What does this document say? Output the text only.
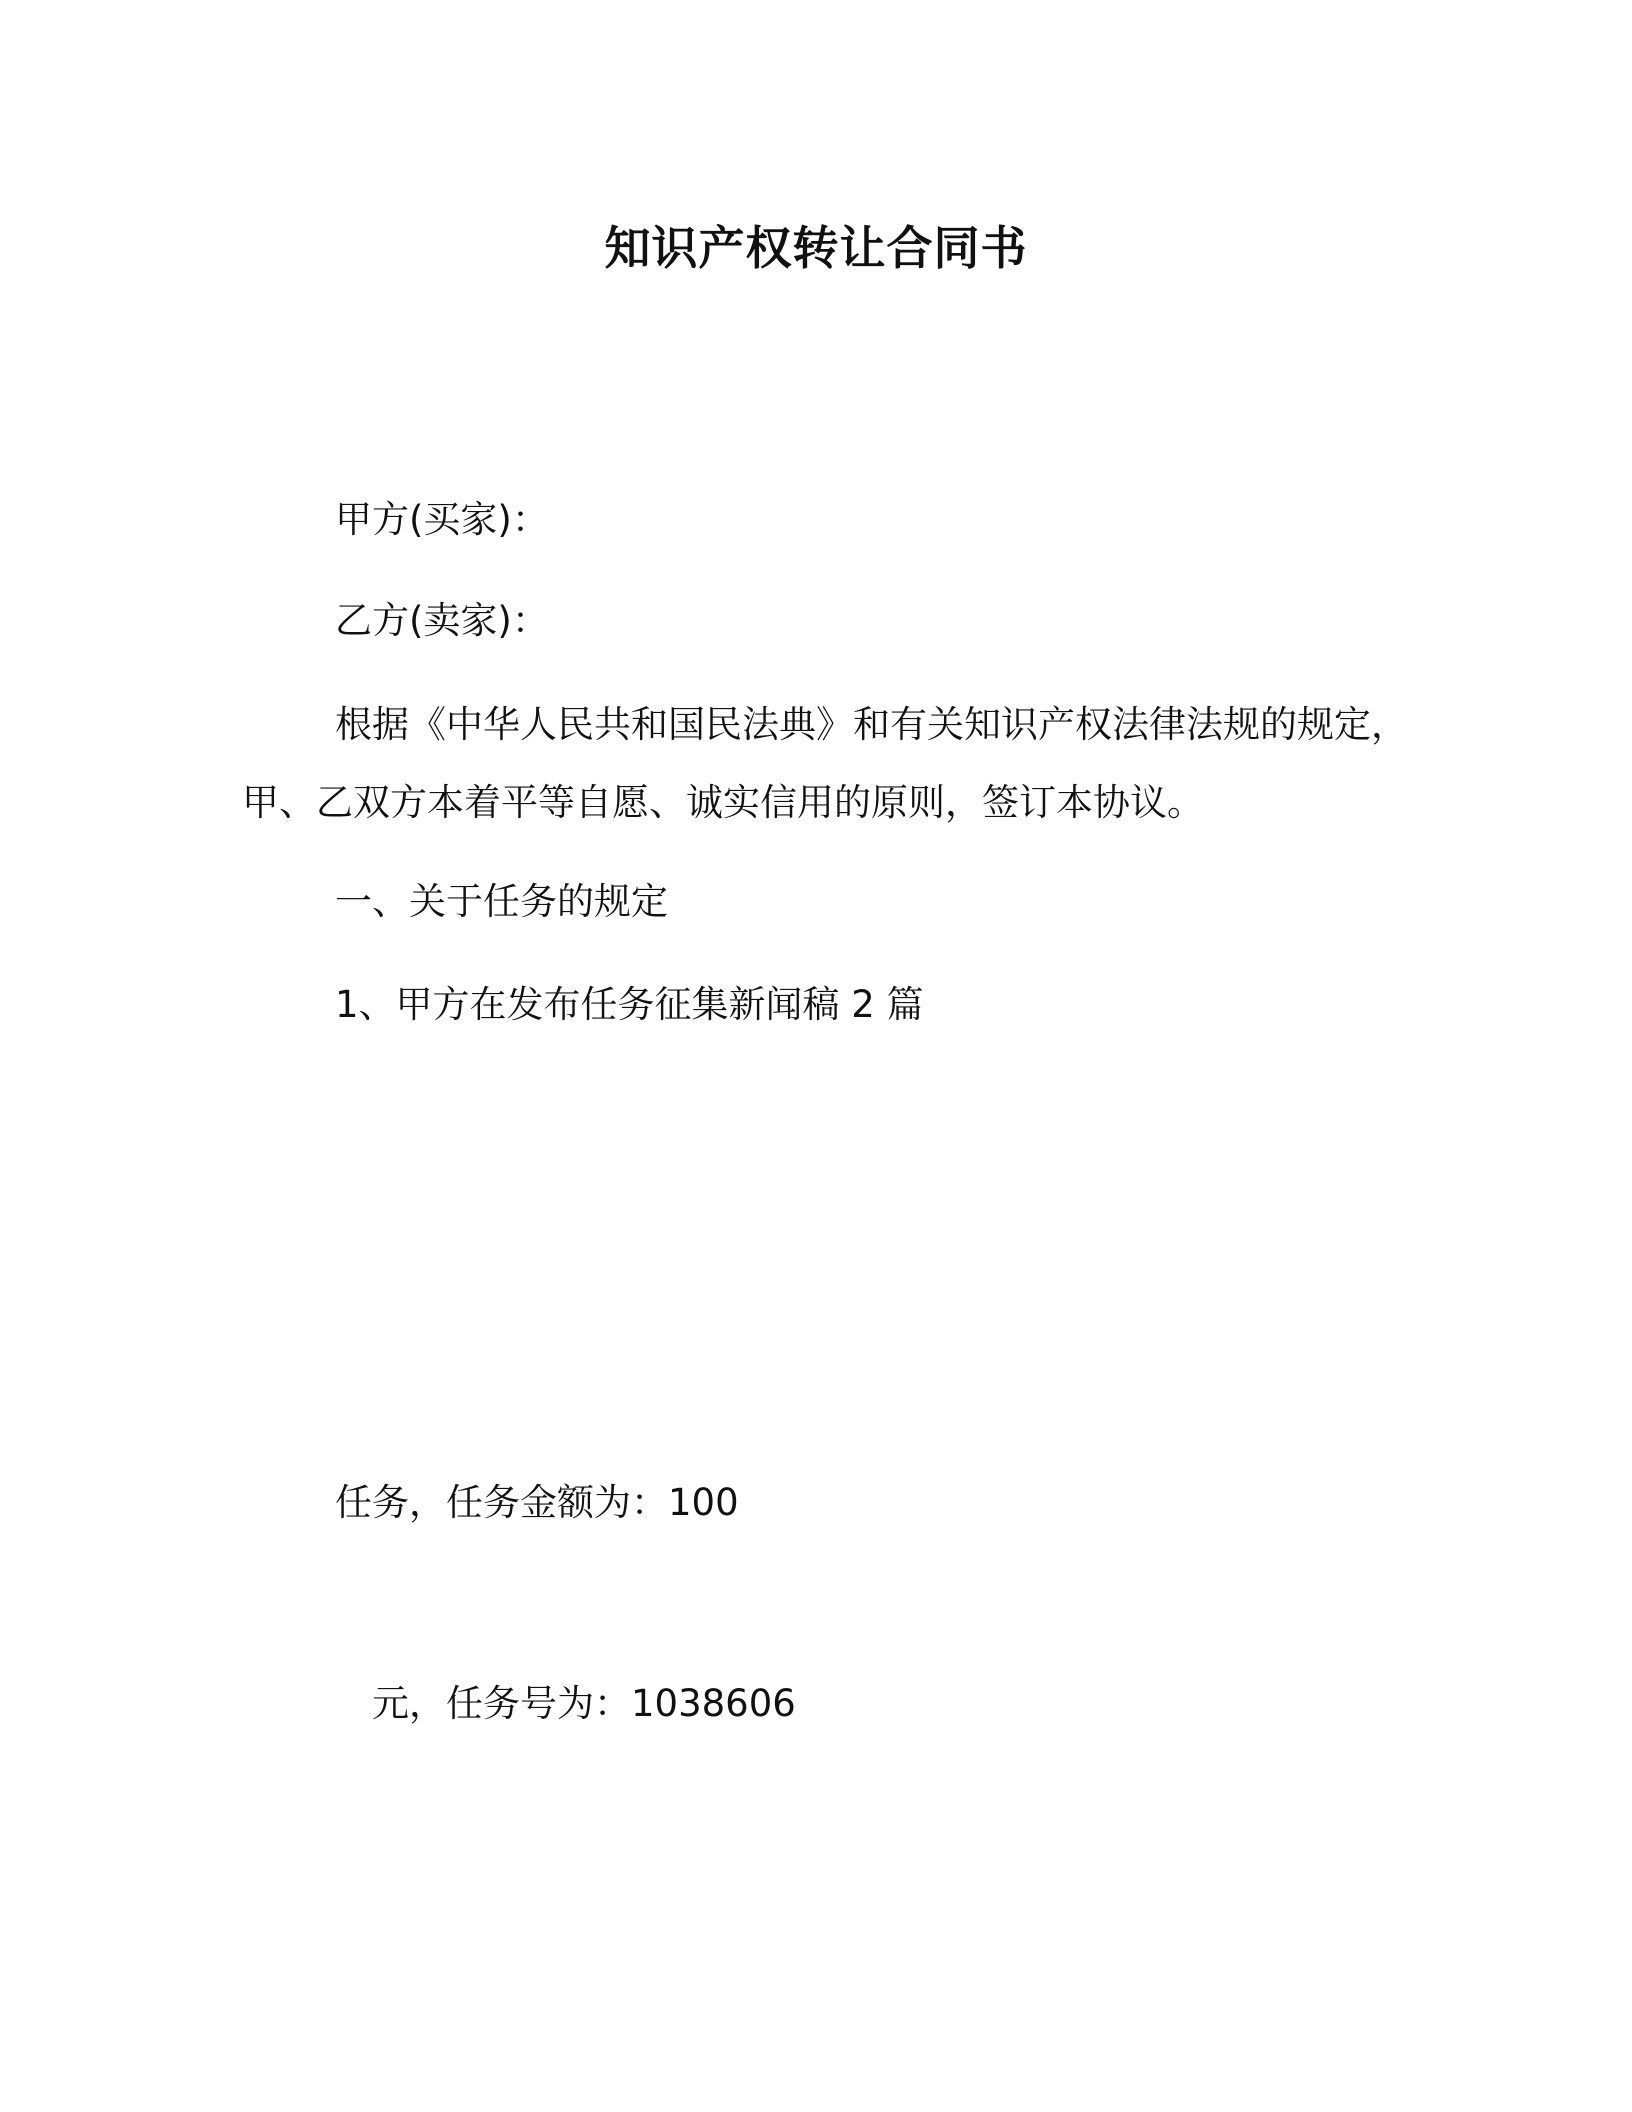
知识产权转让合同书
甲方(买家)：
乙方(卖家)：
根据《中华人民共和国民法典》和有关知识产权法律法规的规定，
甲、乙双方本着平等自愿、诚实信用的原则，签订本协议。
一、关于任务的规定
1、甲方在发布任务征集新闻稿 2 篇
任务，任务金额为：100
元，任务号为：1038606
